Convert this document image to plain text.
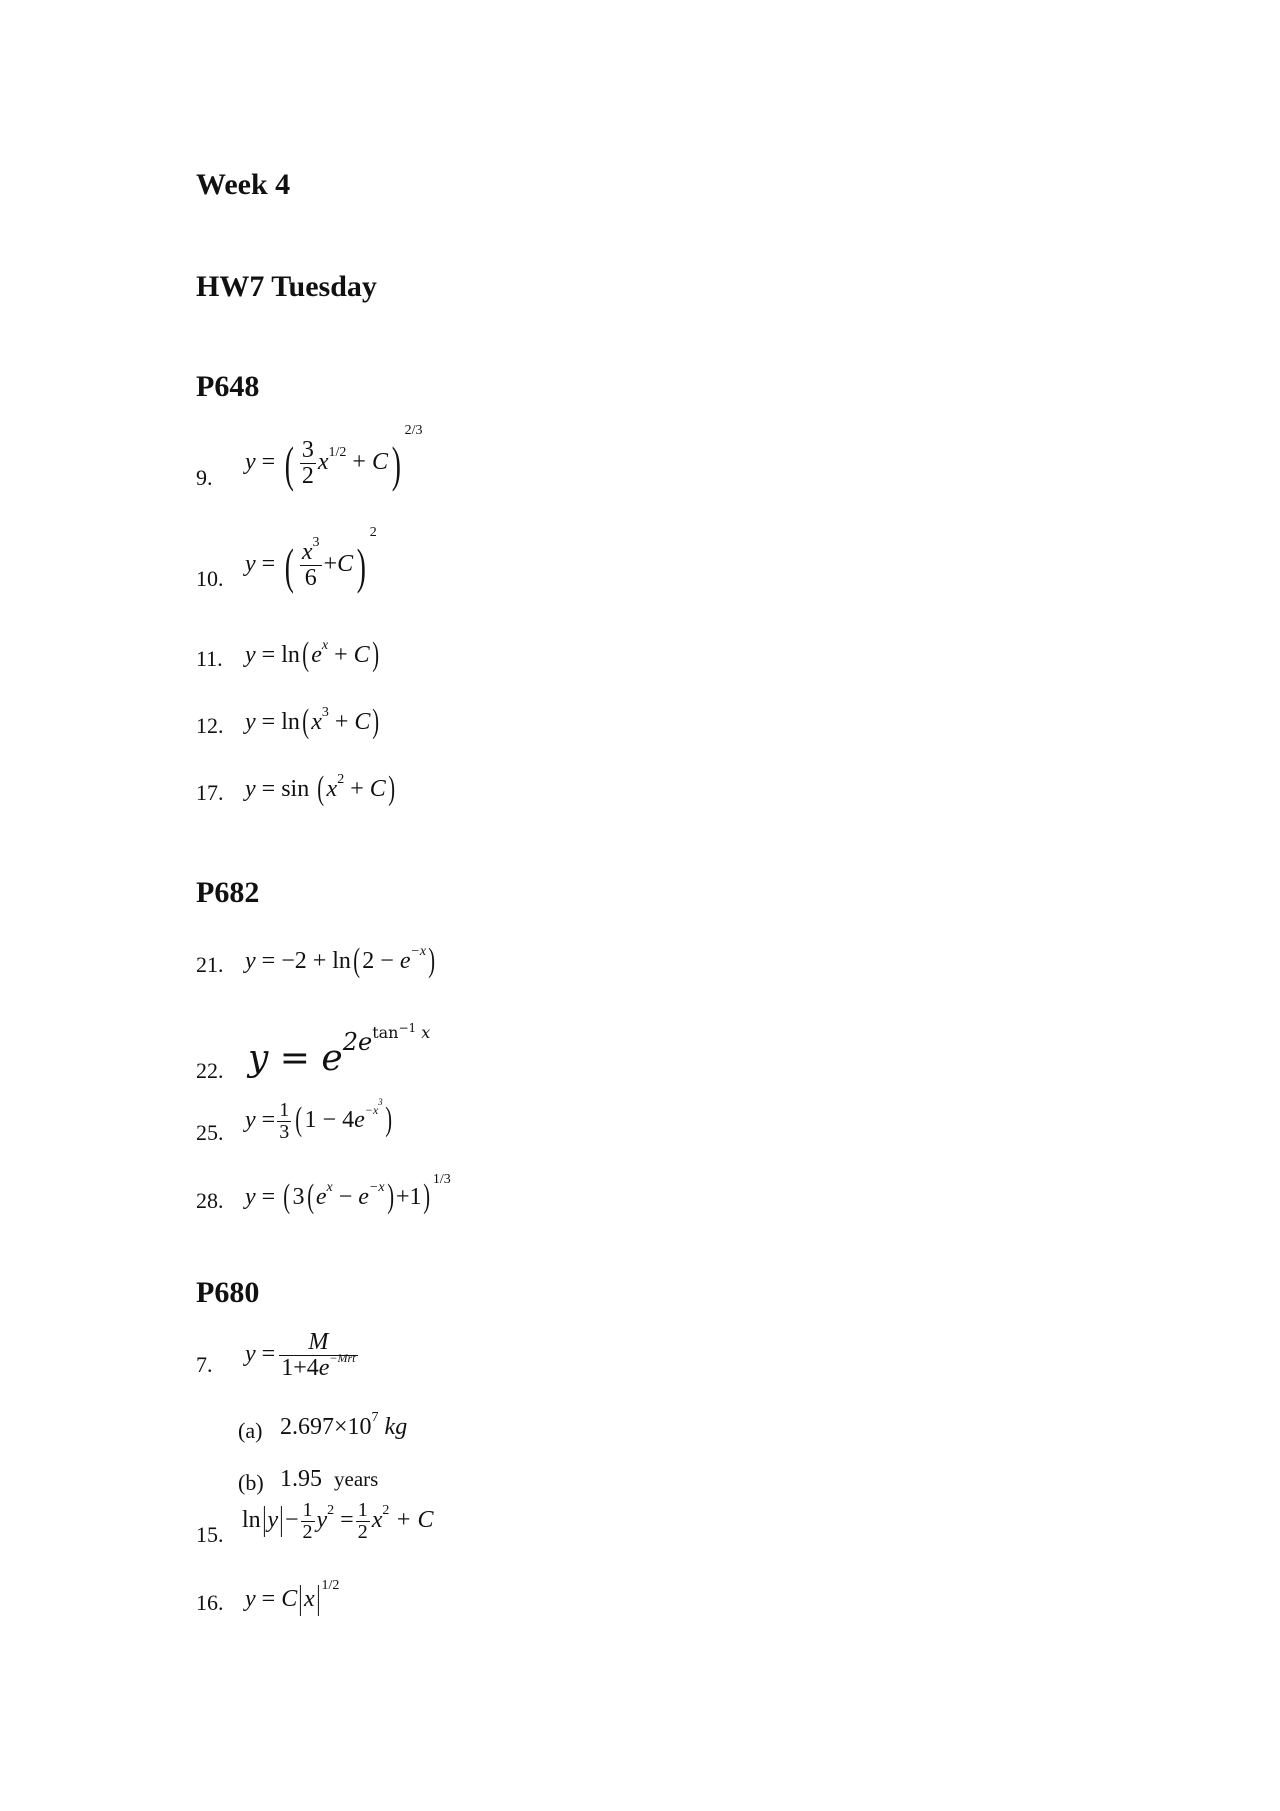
Week 4
HW7 Tuesday
P648
9.
y = ( $\frac{3}{2} x^{1/2} + C)^{2/3}$
10.
y = ( $\frac{x^3}{6} +C)^2$
11. $y = \ln(e^x + C)$
12. $y = \ln(x^3 + C)$
17. $y = \sin (x^2 + C)$
P682
21. $y = -2 + \ln(2 - e^{-x})$
22. y = e2etan$^{-1}$ x
25. $y = \frac{1}{3} (1 - 4e^{-x^3})$
28. $y = (3(e^x - e^{-x})+1)$ $^{1/3}$
P680
7. $y = \frac{M}{1+4e^{-Mrt}}$
(a) $2.697\times 10^7$ kg
(b) 1.95 years
15.
$\ln|y|- \frac{1}{2} y^2 = \frac{1}{2} x^2 + C$
16. $y = C|x|^{1/2}$
